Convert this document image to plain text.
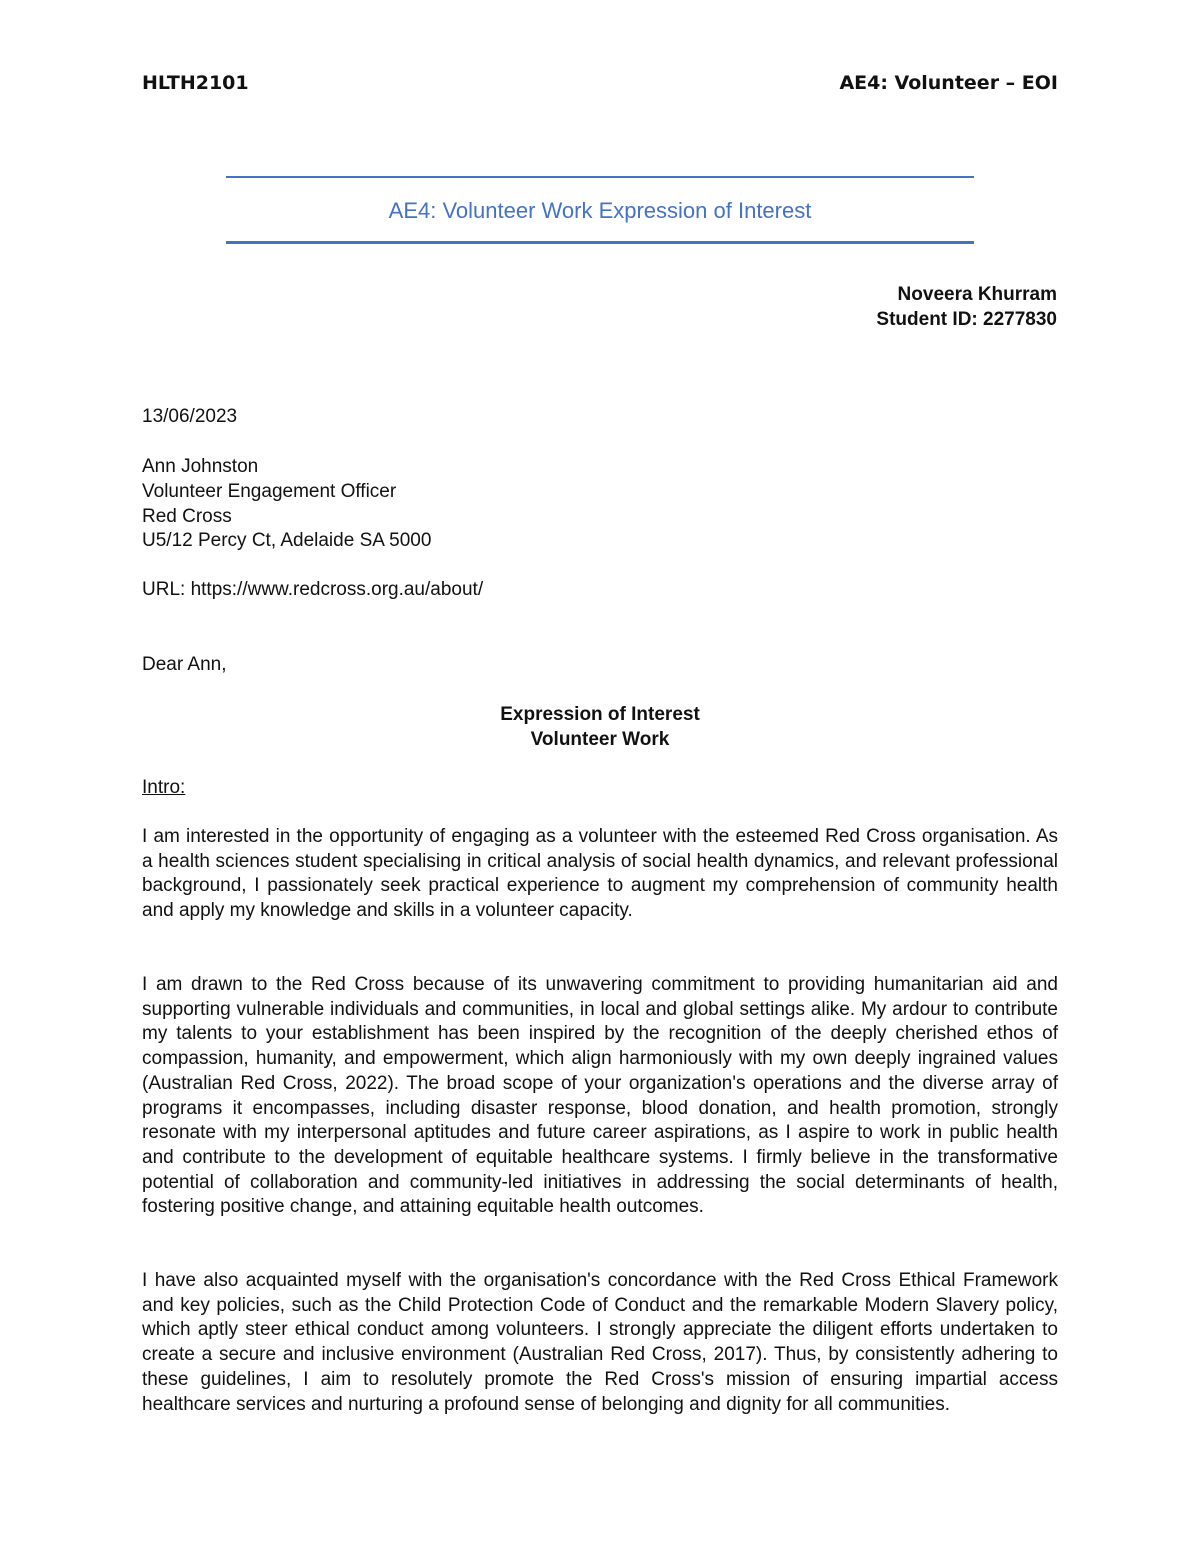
HLTH2101	AE4: Volunteer – EOI
AE4: Volunteer Work Expression of Interest
Noveera Khurram
Student ID: 2277830
13/06/2023
Ann Johnston
Volunteer Engagement Officer
Red Cross
U5/12 Percy Ct, Adelaide SA 5000
URL: https://www.redcross.org.au/about/
Dear Ann,
Expression of Interest
Volunteer Work
Intro:

I am interested in the opportunity of engaging as a volunteer with the esteemed Red Cross organisation. As a health sciences student specialising in critical analysis of social health dynamics, and relevant professional background, I passionately seek practical experience to augment my comprehension of community health and apply my knowledge and skills in a volunteer capacity.

I am drawn to the Red Cross because of its unwavering commitment to providing humanitarian aid and supporting vulnerable individuals and communities, in local and global settings alike. My ardour to contribute my talents to your establishment has been inspired by the recognition of the deeply cherished ethos of compassion, humanity, and empowerment, which align harmoniously with my own deeply ingrained values (Australian Red Cross, 2022). The broad scope of your organization's operations and the diverse array of programs it encompasses, including disaster response, blood donation, and health promotion, strongly resonate with my interpersonal aptitudes and future career aspirations, as I aspire to work in public health and contribute to the development of equitable healthcare systems. I firmly believe in the transformative potential of collaboration and community-led initiatives in addressing the social determinants of health, fostering positive change, and attaining equitable health outcomes.

I have also acquainted myself with the organisation's concordance with the Red Cross Ethical Framework and key policies, such as the Child Protection Code of Conduct and the remarkable Modern Slavery policy, which aptly steer ethical conduct among volunteers. I strongly appreciate the diligent efforts undertaken to create a secure and inclusive environment (Australian Red Cross, 2017). Thus, by consistently adhering to these guidelines, I aim to resolutely promote the Red Cross's mission of ensuring impartial access healthcare services and nurturing a profound sense of belonging and dignity for all communities.
